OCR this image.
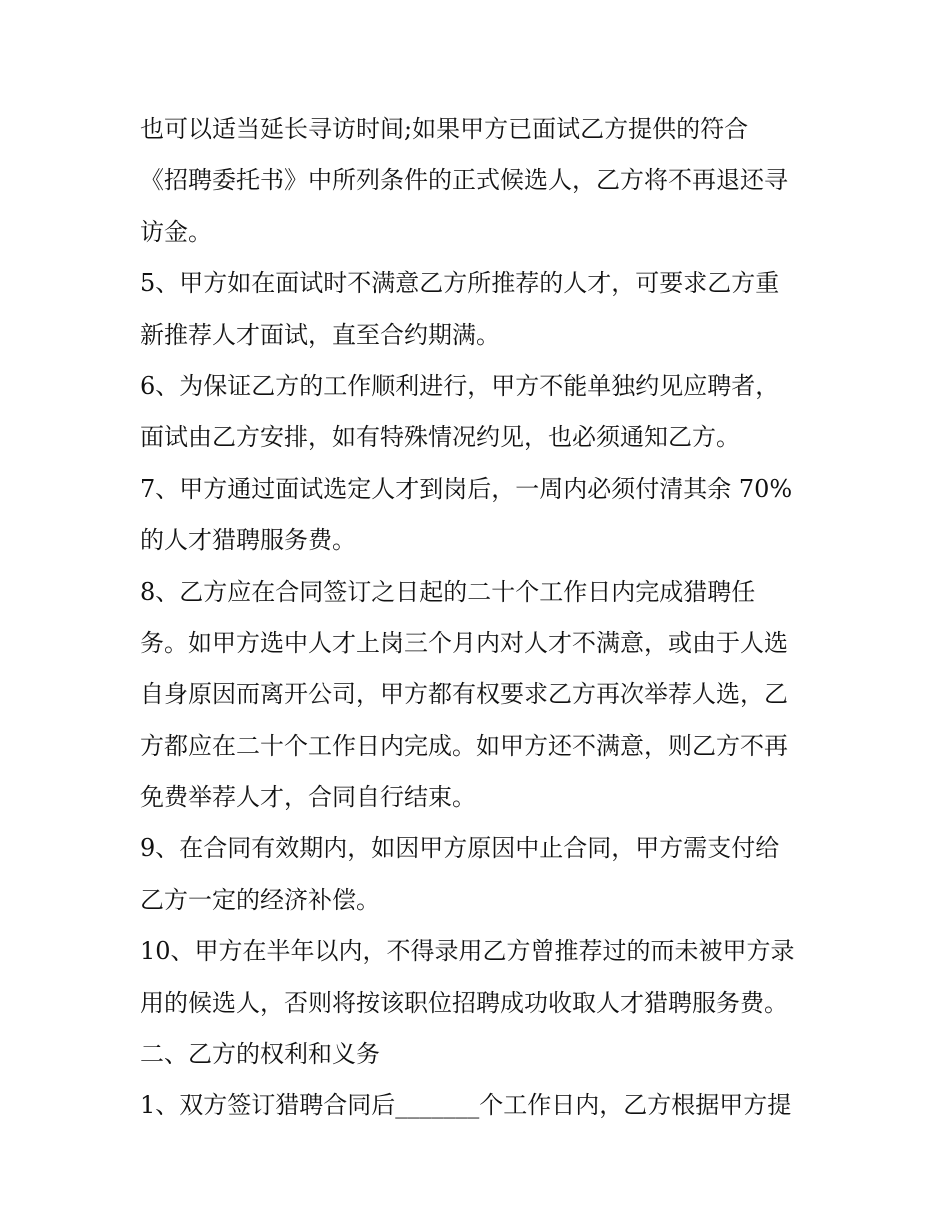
也可以适当延长寻访时间;如果甲方已面试乙方提供的符合
《招聘委托书》中所列条件的正式候选人，乙方将不再退还寻
访金。
5、甲方如在面试时不满意乙方所推荐的人才，可要求乙方重
新推荐人才面试，直至合约期满。
6、为保证乙方的工作顺利进行，甲方不能单独约见应聘者，
面试由乙方安排，如有特殊情况约见，也必须通知乙方。
7、甲方通过面试选定人才到岗后，一周内必须付清其余 70%
的人才猎聘服务费。
8、乙方应在合同签订之日起的二十个工作日内完成猎聘任
务。如甲方选中人才上岗三个月内对人才不满意，或由于人选
自身原因而离开公司，甲方都有权要求乙方再次举荐人选，乙
方都应在二十个工作日内完成。如甲方还不满意，则乙方不再
免费举荐人才，合同自行结束。
9、在合同有效期内，如因甲方原因中止合同，甲方需支付给
乙方一定的经济补偿。
10、甲方在半年以内，不得录用乙方曾推荐过的而未被甲方录
用的候选人，否则将按该职位招聘成功收取人才猎聘服务费。
二、乙方的权利和义务
1、双方签订猎聘合同后_______个工作日内，乙方根据甲方提
